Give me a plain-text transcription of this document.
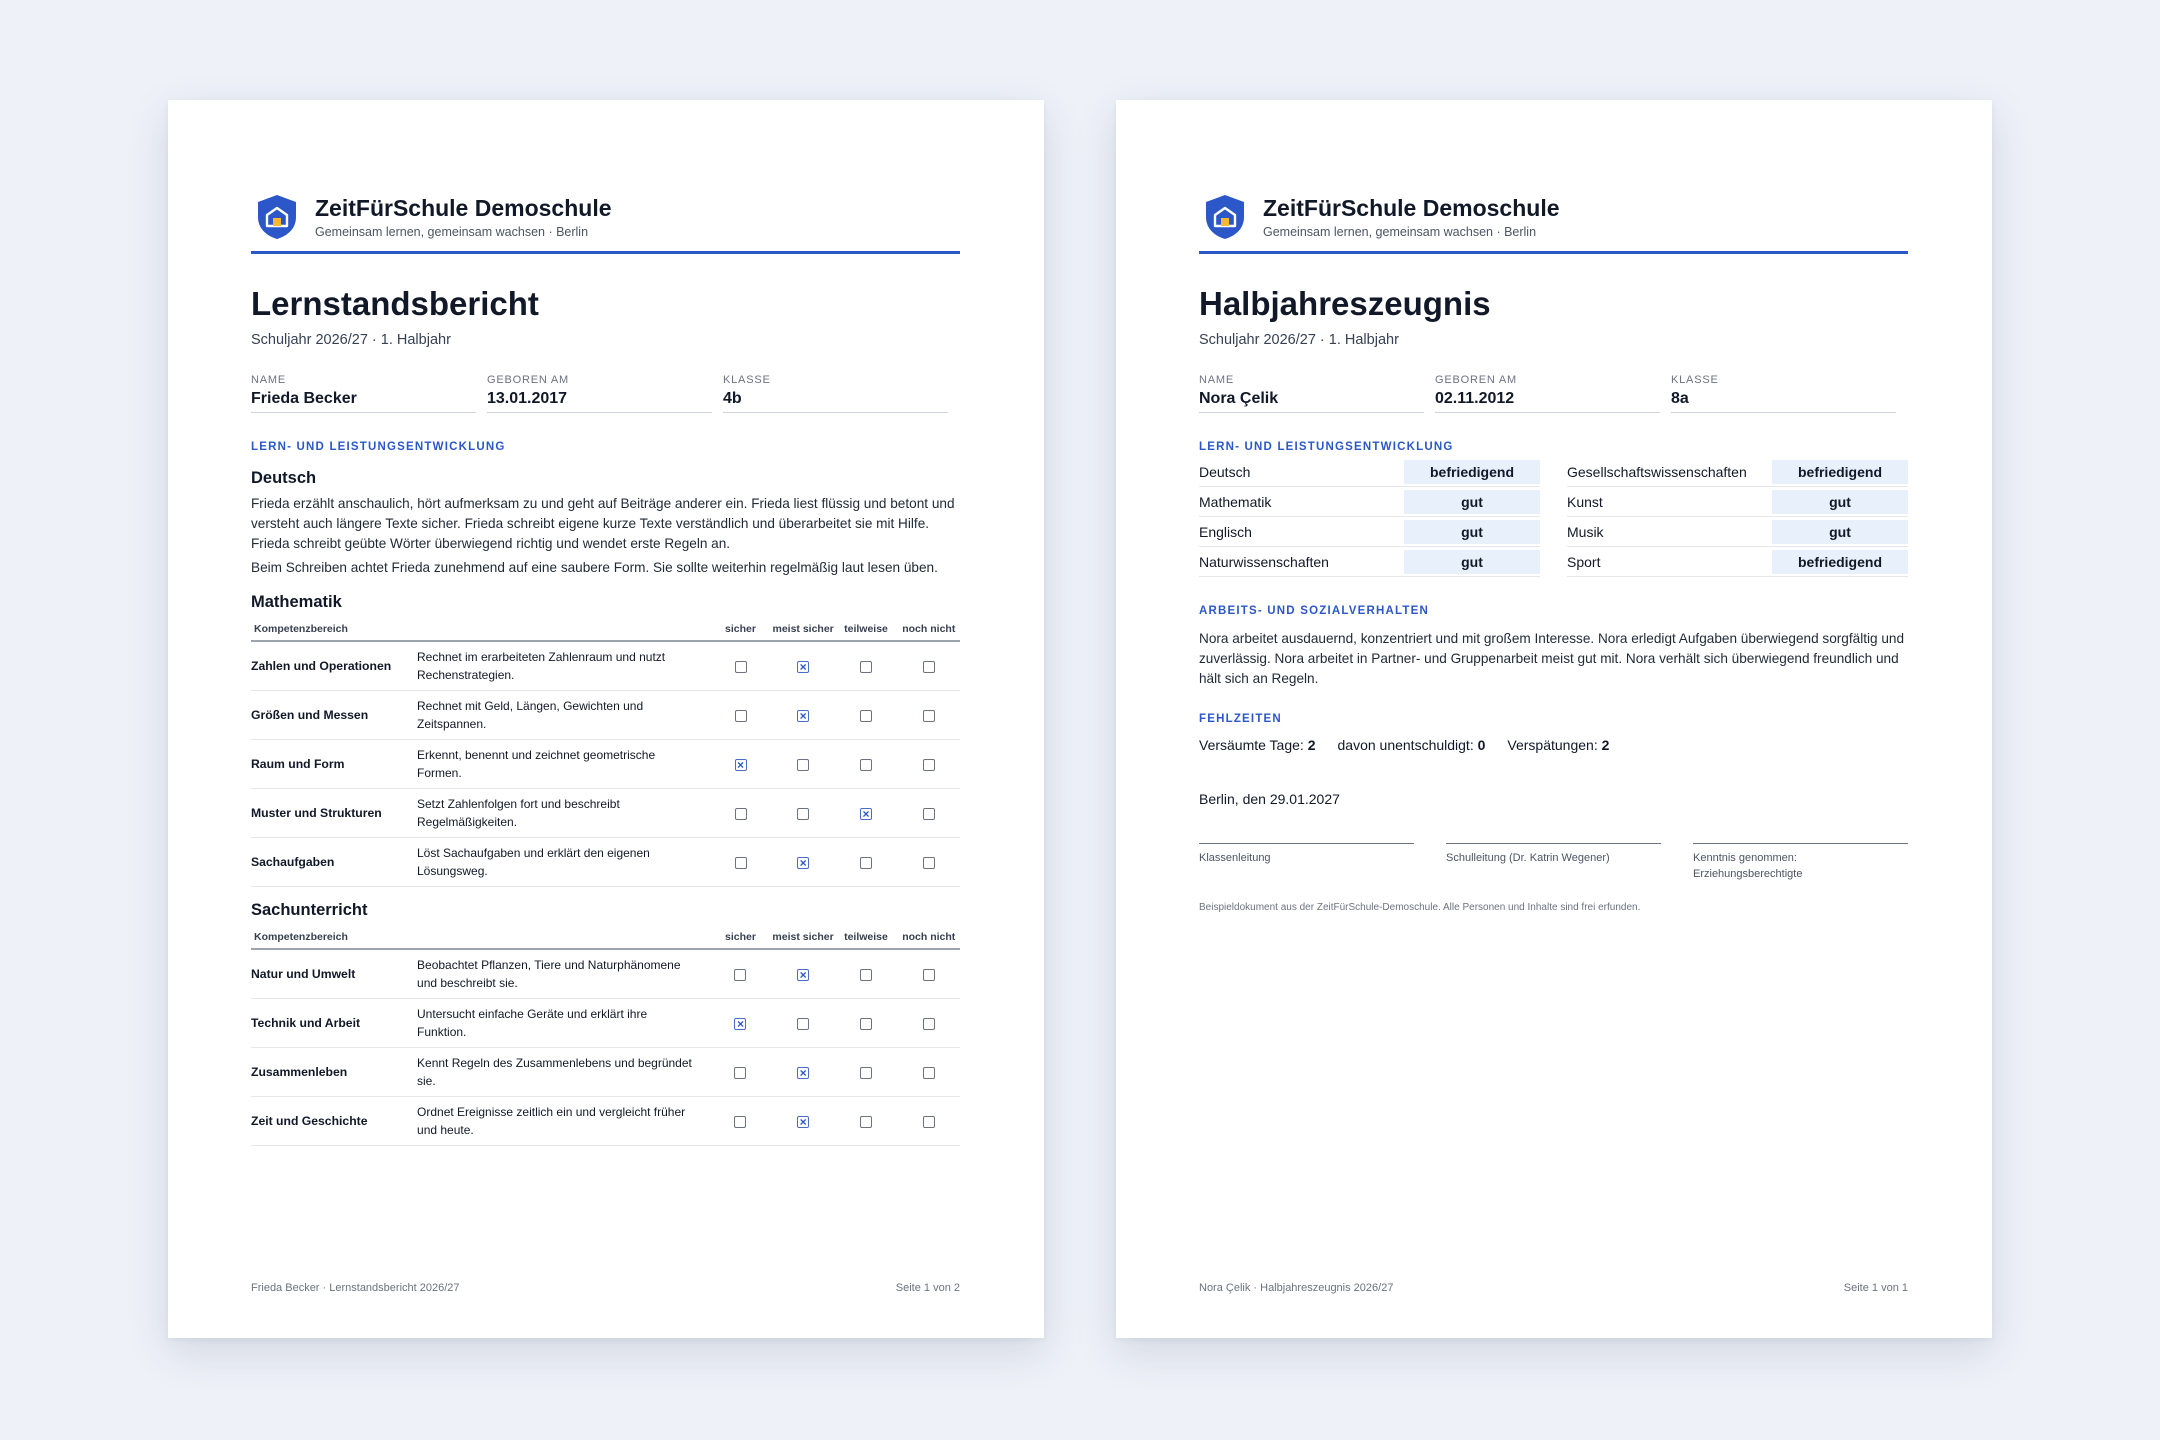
ZeitFürSchule Demoschule
Gemeinsam lernen, gemeinsam wachsen · Berlin
Lernstandsbericht
Schuljahr 2026/27 · 1. Halbjahr
NAME
Frieda Becker
GEBOREN AM
13.01.2017
KLASSE
4b
LERN- UND LEISTUNGSENTWICKLUNG
Deutsch
Frieda erzählt anschaulich, hört aufmerksam zu und geht auf Beiträge anderer ein. Frieda liest flüssig und betont und versteht auch längere Texte sicher. Frieda schreibt eigene kurze Texte verständlich und überarbeitet sie mit Hilfe. Frieda schreibt geübte Wörter überwiegend richtig und wendet erste Regeln an.
Beim Schreiben achtet Frieda zunehmend auf eine saubere Form. Sie sollte weiterhin regelmäßig laut lesen üben.
Mathematik
Kompetenzbereich		sicher	meist sicher	teilweise	noch nicht
Zahlen und Operationen	Rechnet im erarbeiteten Zahlenraum und nutzt Rechenstrategien.		×		
Größen und Messen	Rechnet mit Geld, Längen, Gewichten und Zeitspannen.		×		
Raum und Form	Erkennt, benennt und zeichnet geometrische Formen.	×			
Muster und Strukturen	Setzt Zahlenfolgen fort und beschreibt Regelmäßigkeiten.			×	
Sachaufgaben	Löst Sachaufgaben und erklärt den eigenen Lösungsweg.		×		
Sachunterricht
Kompetenzbereich		sicher	meist sicher	teilweise	noch nicht
Natur und Umwelt	Beobachtet Pflanzen, Tiere und Naturphänomene und beschreibt sie.		×		
Technik und Arbeit	Untersucht einfache Geräte und erklärt ihre Funktion.	×			
Zusammenleben	Kennt Regeln des Zusammenlebens und begründet sie.		×		
Zeit und Geschichte	Ordnet Ereignisse zeitlich ein und vergleicht früher und heute.		×		
Frieda Becker · Lernstandsbericht 2026/27	Seite 1 von 2
ZeitFürSchule Demoschule
Gemeinsam lernen, gemeinsam wachsen · Berlin
Halbjahreszeugnis
Schuljahr 2026/27 · 1. Halbjahr
NAME
Nora Çelik
GEBOREN AM
02.11.2012
KLASSE
8a
LERN- UND LEISTUNGSENTWICKLUNG
Deutsch	befriedigend
Mathematik	gut
Englisch	gut
Naturwissenschaften	gut
Gesellschaftswissenschaften	befriedigend
Kunst	gut
Musik	gut
Sport	befriedigend
ARBEITS- UND SOZIALVERHALTEN
Nora arbeitet ausdauernd, konzentriert und mit großem Interesse. Nora erledigt Aufgaben überwiegend sorgfältig und zuverlässig. Nora arbeitet in Partner- und Gruppenarbeit meist gut mit. Nora verhält sich überwiegend freundlich und hält sich an Regeln.
FEHLZEITEN
Versäumte Tage: 2 davon unentschuldigt: 0 Verspätungen: 2
Berlin, den 29.01.2027
Klassenleitung	Schulleitung (Dr. Katrin Wegener)	Kenntnis genommen: Erziehungsberechtigte
Beispieldokument aus der ZeitFürSchule-Demoschule. Alle Personen und Inhalte sind frei erfunden.
Nora Çelik · Halbjahreszeugnis 2026/27	Seite 1 von 1
